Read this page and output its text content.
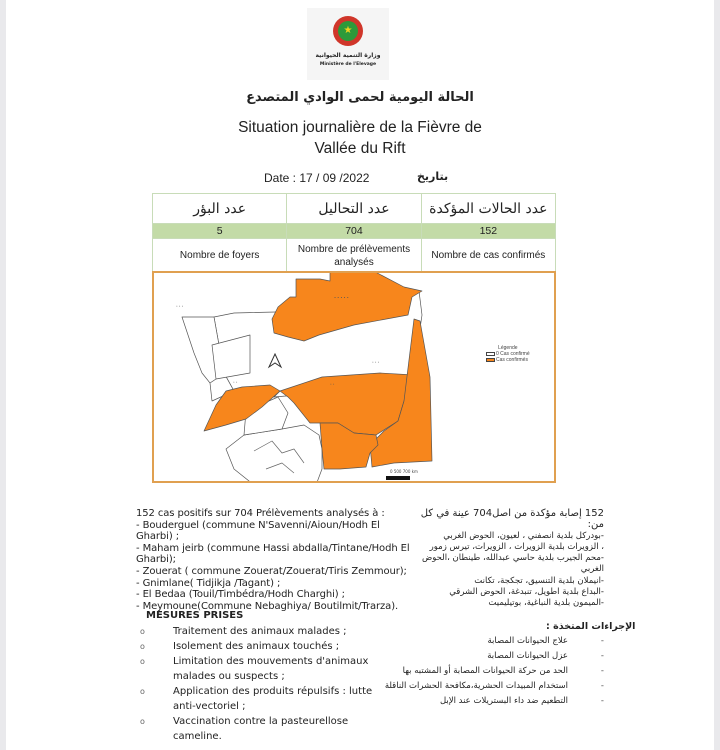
★
وزارة التنمية الحيوانية
Ministère de l'Elevage
الحالة اليومية لحمى الوادي المتصدع
Situation journalière de la Fièvre de
Vallée du Rift
Date : 17 / 09 /2022	بتاريخ
عدد البؤر	عدد التحاليل	عدد الحالات المؤكدة
5	704	152
Nombre de foyers	Nombre de prélèvements analysés	Nombre de cas confirmés
• • • • •
• • •
• •
• • •
• •
Légende
0 Cas confirmé
Cas confirmés
0 500 700 km
152 cas positifs sur 704 Prélèvements analysés à :
- Bouderguel (commune N'Savenni/Aioun/Hodh El Gharbi) ;
- Maham jeirb (commune Hassi abdalla/Tintane/Hodh El Gharbi);
- Zouerat ( commune Zouerat/Zouerat/Tiris Zemmour);
- Gnimlane( Tidjikja /Tagant) ;
- El Bedaa (Touil/Timbédra/Hodh Charghi) ;
- Meymoune(Commune Nebaghiya/ Boutilmit/Trarza).
152 إصابة مؤكدة من اصل704 عينة في كل من:
-بودركل بلدية انصفني ، لعيون، الحوض الغربي
، الزويرات بلدية الزويرات ، الزويرات، تيرس زمور
-محم الجيرب بلدية حاسي عبدالله، طينطان ،الحوض الغربي
-انيملان بلدية التنسيق، تجكجة، تكانت
-البداع بلدية اطويل، تنبدغة، الحوض الشرقي
-الميمون بلدية النباغية، بوتيليميت
MESURES PRISES
o	Traitement des animaux malades ;
o	Isolement des animaux touchés ;
o	Limitation des mouvements d'animaux malades ou suspects ;
o	Application des produits répulsifs : lutte anti-vectoriel ;
o	Vaccination contre la pasteurellose cameline.
الإجراءات المتخذة :
-
علاج الحيوانات المصابة
-
عزل الحيوانات المصابة
-
الحد من حركة الحيوانات المصابة أو المشتبه بها
-
استخدام المبيدات الحشرية،مكافحة الحشرات الناقلة
-
التطعيم ضد داء البستريلات عند الإبل
